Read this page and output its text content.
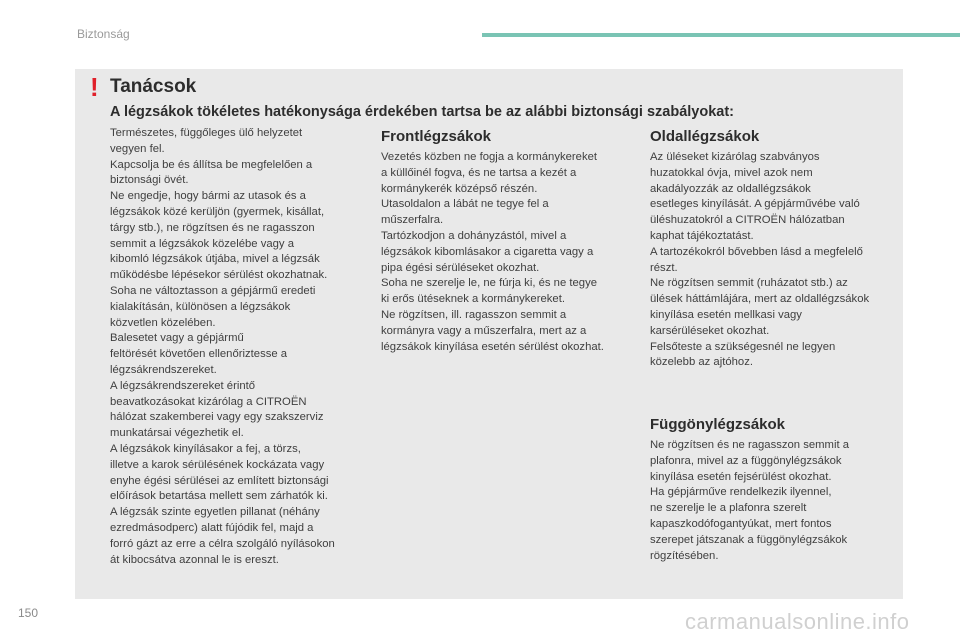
Biztonság
! Tanácsok
A légzsákok tökéletes hatékonysága érdekében tartsa be az alábbi biztonsági szabályokat:
Természetes, függőleges ülő helyzetet
vegyen fel.
Kapcsolja be és állítsa be megfelelően a
biztonsági övét.
Ne engedje, hogy bármi az utasok és a
légzsákok közé kerüljön (gyermek, kisállat,
tárgy stb.), ne rögzítsen és ne ragasszon
semmit a légzsákok közelébe vagy a
kibomló légzsákok útjába, mivel a légzsák
működésbe lépésekor sérülést okozhatnak.
Soha ne változtasson a gépjármű eredeti
kialakításán, különösen a légzsákok
közvetlen közelében.
Balesetet vagy a gépjármű
feltörését követően ellenőriztesse a
légzsákrendszereket.
A légzsákrendszereket érintő
beavatkozásokat kizárólag a CITROËN
hálózat szakemberei vagy egy szakszerviz
munkatársai végezhetik el.
A légzsákok kinyílásakor a fej, a törzs,
illetve a karok sérülésének kockázata vagy
enyhe égési sérülései az említett biztonsági
előírások betartása mellett sem zárhatók ki.
A légzsák szinte egyetlen pillanat (néhány
ezredmásodperc) alatt fújódik fel, majd a
forró gázt az erre a célra szolgáló nyílásokon
át kibocsátva azonnal le is ereszt.
Frontlégzsákok
Vezetés közben ne fogja a kormánykereket
a küllőinél fogva, és ne tartsa a kezét a
kormánykerék középső részén.
Utasoldalon a lábát ne tegye fel a
műszerfalra.
Tartózkodjon a dohányzástól, mivel a
légzsákok kibomlásakor a cigaretta vagy a
pipa égési sérüléseket okozhat.
Soha ne szerelje le, ne fúrja ki, és ne tegye
ki erős ütéseknek a kormánykereket.
Ne rögzítsen, ill. ragasszon semmit a
kormányra vagy a műszerfalra, mert az a
légzsákok kinyílása esetén sérülést okozhat.
Oldallégzsákok
Az üléseket kizárólag szabványos
huzatokkal óvja, mivel azok nem
akadályozzák az oldallégzsákok
esetleges kinyílását. A gépjárművébe való
üléshuzatokról a CITROËN hálózatban
kaphat tájékoztatást.
A tartozékokról bővebben lásd a megfelelő
részt.
Ne rögzítsen semmit (ruházatot stb.) az
ülések háttámlájára, mert az oldallégzsákok
kinyílása esetén mellkasi vagy
karsérüléseket okozhat.
Felsőteste a szükségesnél ne legyen
közelebb az ajtóhoz.
Függönylégzsákok
Ne rögzítsen és ne ragasszon semmit a
plafonra, mivel az a függönylégzsákok
kinyílása esetén fejsérülést okozhat.
Ha gépjárműve rendelkezik ilyennel,
ne szerelje le a plafonra szerelt
kapaszkodófogantyúkat, mert fontos
szerepet játszanak a függönylégzsákok
rögzítésében.
150	carmanualsonline.info
